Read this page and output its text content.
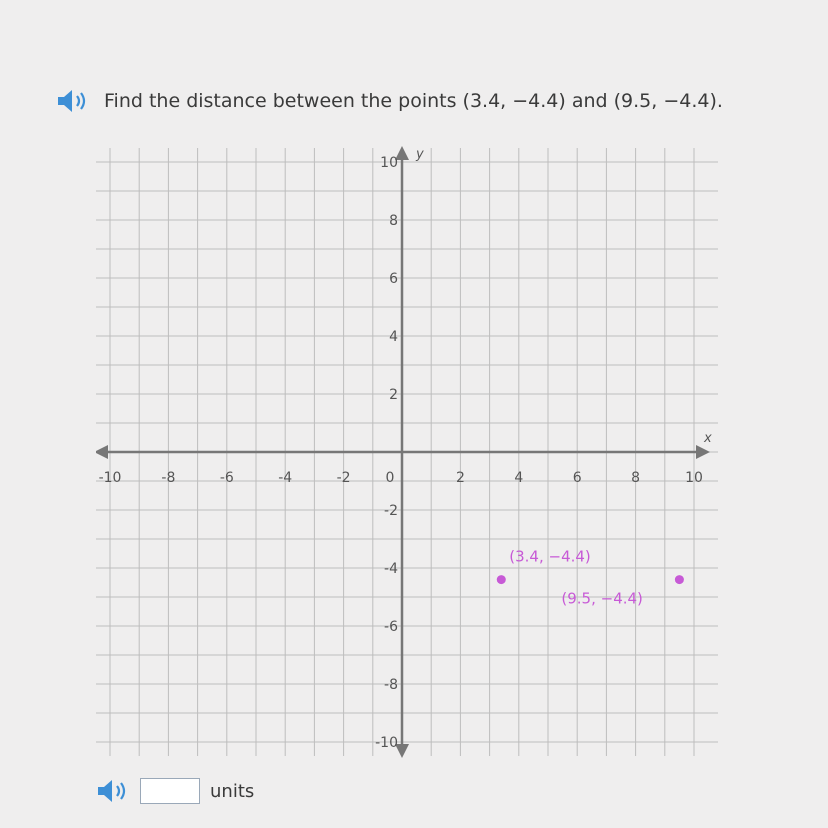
Find the distance between the points (3.4, −4.4) and (9.5, −4.4).
x
y
-10	-8	-6	-4	-2 0	2	4	6	8	10
10
8
6
4
2
-2
-4
-6
-8
-10
(3.4, −4.4)
(9.5, −4.4)
units
